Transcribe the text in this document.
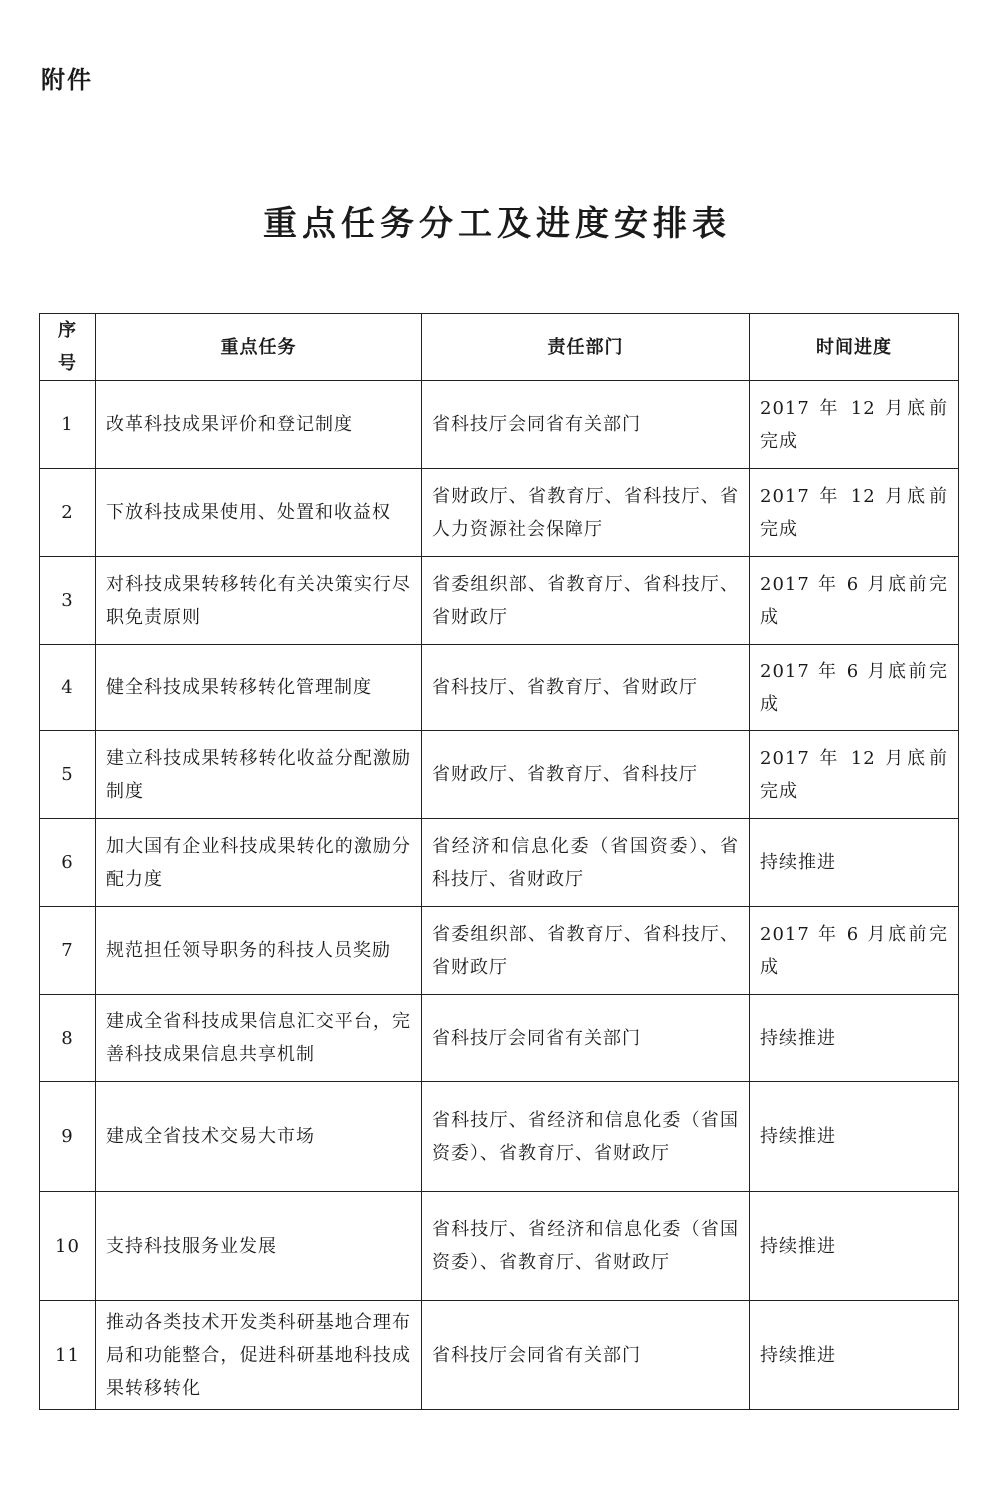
附件
重点任务分工及进度安排表
序号	重点任务	责任部门	时间进度
1	改革科技成果评价和登记制度	省科技厅会同省有关部门	2017 年 12 月底前完成
2	下放科技成果使用、处置和收益权	省财政厅、省教育厅、省科技厅、省人力资源社会保障厅	2017 年 12 月底前完成
3	对科技成果转移转化有关决策实行尽职免责原则	省委组织部、省教育厅、省科技厅、省财政厅	2017 年 6 月底前完成
4	健全科技成果转移转化管理制度	省科技厅、省教育厅、省财政厅	2017 年 6 月底前完成
5	建立科技成果转移转化收益分配激励制度	省财政厅、省教育厅、省科技厅	2017 年 12 月底前完成
6	加大国有企业科技成果转化的激励分配力度	省经济和信息化委（省国资委）、省科技厅、省财政厅	持续推进
7	规范担任领导职务的科技人员奖励	省委组织部、省教育厅、省科技厅、省财政厅	2017 年 6 月底前完成
8	建成全省科技成果信息汇交平台，完善科技成果信息共享机制	省科技厅会同省有关部门	持续推进
9	建成全省技术交易大市场	省科技厅、省经济和信息化委（省国资委）、省教育厅、省财政厅	持续推进
10	支持科技服务业发展	省科技厅、省经济和信息化委（省国资委）、省教育厅、省财政厅	持续推进
11	推动各类技术开发类科研基地合理布局和功能整合，促进科研基地科技成果转移转化	省科技厅会同省有关部门	持续推进
